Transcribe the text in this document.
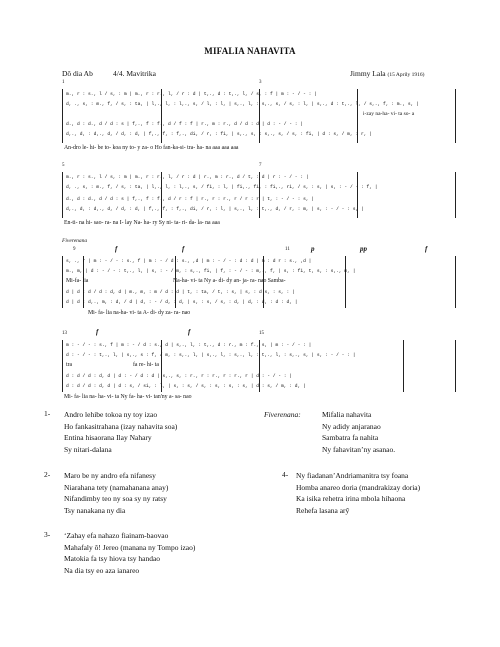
MIFALIA NAHAVITA
Dô dia Ab	4/4. Mavitrika	Jimmy Lala (15 Aprily 1916)
1	3
m., r : s., l / s, : m | m., r : r., l, / r : d | t,., d : t,., l, / s, : f | m : - / - : |
d, ., s, : m., f, / s, : ta, | l,., l, : l,., s, / l, : l, | s,., l, : s,., s, / s, : l, | s,., d : t,., l, / s,., f, : m., s, |
i-zay na-ha- vi- ta so- a
d., d : d., d / d : s | f,., f : f., d / f : f | r., m : r., d / d : d | d : - / - : |
d,., d, : d,., d, / d, : d, | f,., f, : f,., di, / r, : fi, | s,., s, : s,., s, / s, : fi, | d : s, / m, : r, |
An-dro le- hi- be to- koa ny to- y za- o Ho fan-ka-si- tra- ha- na aaa aaa aaa
5	7
m., r : s., l / s, : m | m., r : r., l, / r : d | r., m : r., d / t, : d | r : - / - : |
d, ., s, : m., f, / s, : ta, | l,., l, : l,., s, / fi, : l, | fi,., fi, : fi,., ri, / s, : s, | s, : - / - : f, |
d., d : d., d / d : s | f,., f : f., d / r : f | r., r : r., r / r : r | t, : - / - : s, |
d,., d, : d,., d, / d, : d, | f,., f, : f,., di, / r, : l, | s,., l, : t,., d, / r, : m, | s, : - / - : s, |
En-ti- na hi- sao- ra- na I- lay Na- ha- ry Sy ni- ta- ri- da- la- na aaa
Fiverenana
f	f	p	pp	f
9	11
s, ., r | m : - / - : s., f | m : - / d : s., ,d | m : - / - : d : d | m : d r : s., ,d |
m., m, | d : - / - : t,., l, | s, : - / m, : s,., fi, | f, : - / - : m,., f, | s, : fi, t, s, : s,., m, |
Mi-fa- lia	Na-ha- vi- ta Ny a- di- dy an- ja- ra- nao Samba-
d | d : d / d : d, d | m., m, : m / d : d | t, : ta, / t, : s, | s, : d s, : s, : |
d | d : d,., m, : d, / d | d, : - / d, : d, | s, : s, / s, : d, | d, : d, : d : d, |
Mi- fa- lia na-ha- vi- ta A- di- dy za- ra- nao
f	f
13	15
m : - / - : s., f | m : - / d : s., d | s,., l, : t,., d : r., m : f., s, | m : - / - : |
d : - / - : t,., l, | s,., s : f, / m, : s,., l, | s,., l, : s,., l, : t,., l, : s,., s, | s, : - / - : |
tra	fa re- hi- ta
d : d / d : d, d | d : - / d : d | s,., s, : r., r : r., r : r., r | d : - / - : |
d : d / d : d, d | d : s, / si, : l, | s, : s, / s, : s, : s, : s, | d : s, / m, : d, |
Mi- fa- lia na- ha- vi- ta Ny fa- ha- vi- tan'ny a- sa- nao
1- Andro lehibe tokoa ny toy izao
Ho fankasitrahana (izay nahavita soa)
Entina hisaorana Ilay Nahary
Sy nitari-dalana
2- Maro be ny andro efa nifanesy
Niarahana tety (namahanana anay)
Nifandimby teo ny soa sy ny ratsy
Tsy nanakana ny dia
3- ‘Zahay efa nahazo fiainam-baovao
Mahafaly ô! Jereo (manana ny Tompo izao)
Matokia fa tsy hiova tsy handao
Na dia tsy eo aza ianareo
Fiverenana:	Mifalia nahavita
Ny adidy anjaranao
Sambatra fa nahita
Ny fahavitan’ny asanao.
4- Ny fiadanan’Andriamanitra tsy foana
Homba anareo doria (mandrakizay doria)
Ka isika rehetra irina mbola hihaona
Rehefa lasana arỹ
